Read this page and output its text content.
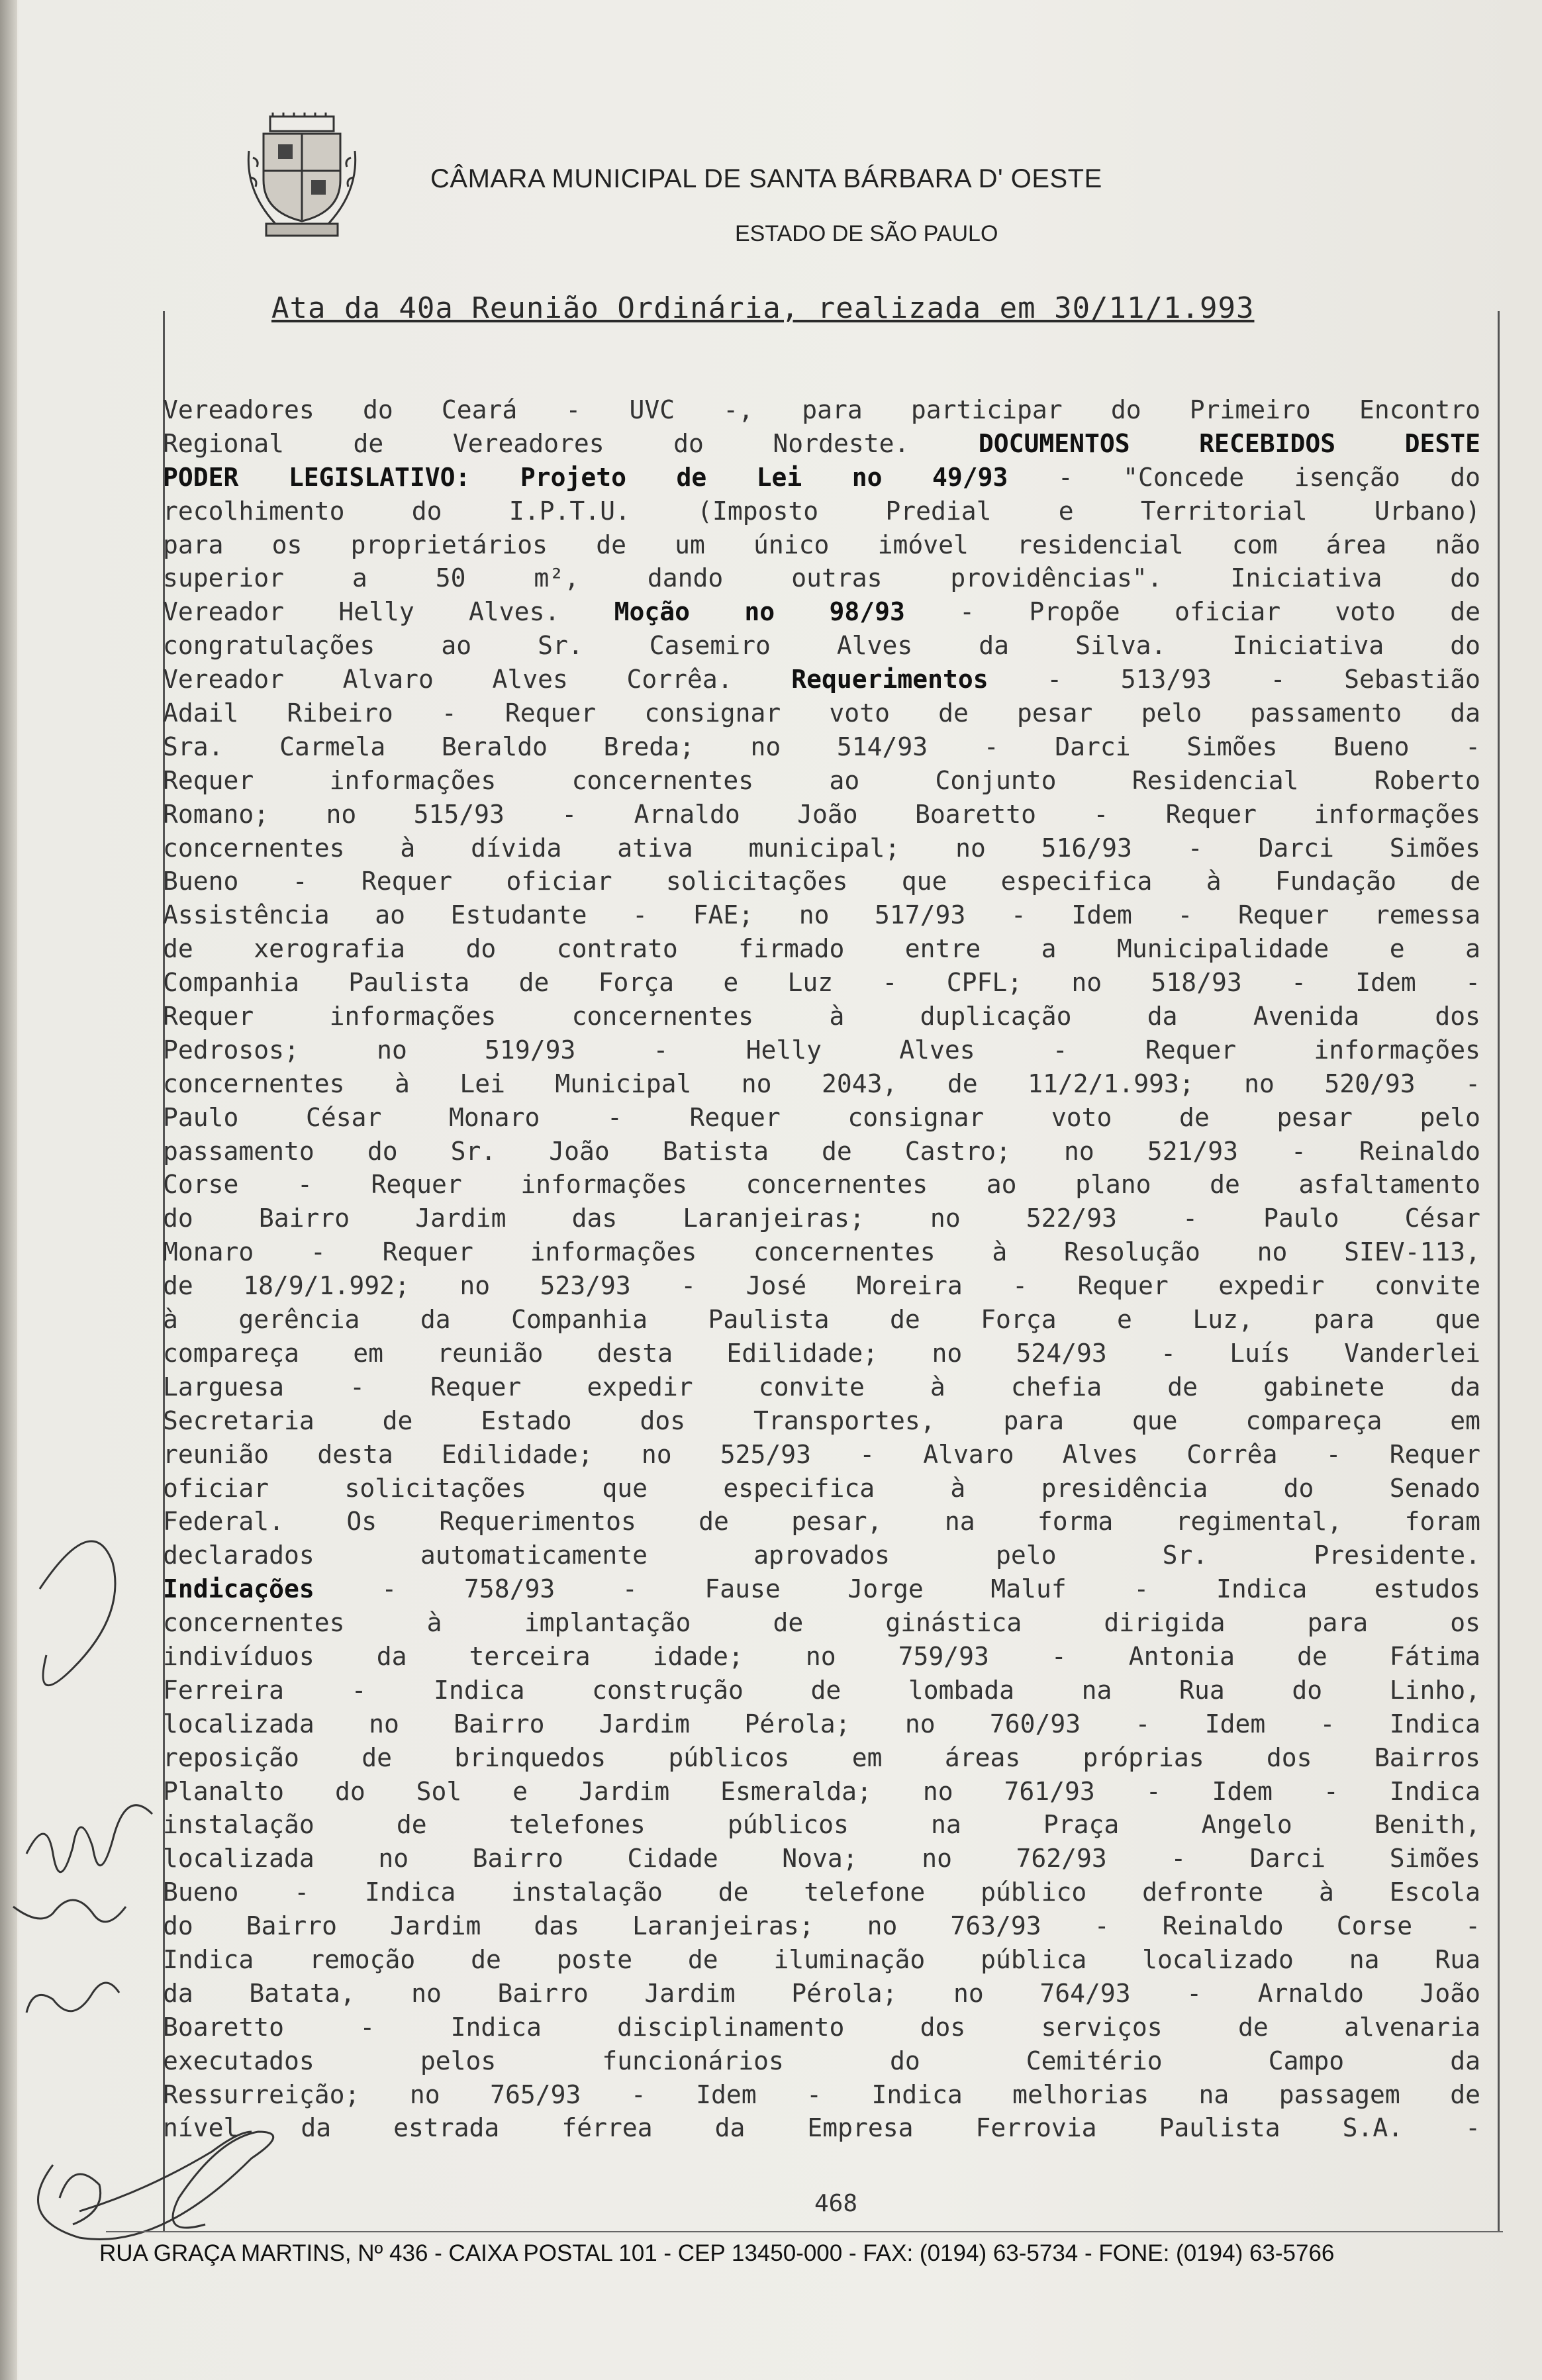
CÂMARA MUNICIPAL DE SANTA BÁRBARA D' OESTE
ESTADO DE SÃO PAULO
Ata da 40a Reunião Ordinária, realizada em 30/11/1.993
Vereadores do Ceará - UVC -, para participar do Primeiro Encontro
Regional de Vereadores do Nordeste. DOCUMENTOS RECEBIDOS DESTE
PODER LEGISLATIVO: Projeto de Lei no 49/93 - "Concede isenção do
recolhimento do I.P.T.U. (Imposto Predial e Territorial Urbano)
para os proprietários de um único imóvel residencial com área não
superior a 50 m², dando outras providências". Iniciativa do
Vereador Helly Alves. Moção no 98/93 - Propõe oficiar voto de
congratulações ao Sr. Casemiro Alves da Silva. Iniciativa do
Vereador Alvaro Alves Corrêa. Requerimentos - 513/93 - Sebastião
Adail Ribeiro - Requer consignar voto de pesar pelo passamento da
Sra. Carmela Beraldo Breda; no 514/93 - Darci Simões Bueno -
Requer informações concernentes ao Conjunto Residencial Roberto
Romano; no 515/93 - Arnaldo João Boaretto - Requer informações
concernentes à dívida ativa municipal; no 516/93 - Darci Simões
Bueno - Requer oficiar solicitações que especifica à Fundação de
Assistência ao Estudante - FAE; no 517/93 - Idem - Requer remessa
de xerografia do contrato firmado entre a Municipalidade e a
Companhia Paulista de Força e Luz - CPFL; no 518/93 - Idem -
Requer informações concernentes à duplicação da Avenida dos
Pedrosos; no 519/93 - Helly Alves - Requer informações
concernentes à Lei Municipal no 2043, de 11/2/1.993; no 520/93 -
Paulo César Monaro - Requer consignar voto de pesar pelo
passamento do Sr. João Batista de Castro; no 521/93 - Reinaldo
Corse - Requer informações concernentes ao plano de asfaltamento
do Bairro Jardim das Laranjeiras; no 522/93 - Paulo César
Monaro - Requer informações concernentes à Resolução no SIEV-113,
de 18/9/1.992; no 523/93 - José Moreira - Requer expedir convite
à gerência da Companhia Paulista de Força e Luz, para que
compareça em reunião desta Edilidade; no 524/93 - Luís Vanderlei
Larguesa - Requer expedir convite à chefia de gabinete da
Secretaria de Estado dos Transportes, para que compareça em
reunião desta Edilidade; no 525/93 - Alvaro Alves Corrêa - Requer
oficiar solicitações que especifica à presidência do Senado
Federal. Os Requerimentos de pesar, na forma regimental, foram
declarados automaticamente aprovados pelo Sr. Presidente.
Indicações - 758/93 - Fause Jorge Maluf - Indica estudos
concernentes à implantação de ginástica dirigida para os
indivíduos da terceira idade; no 759/93 - Antonia de Fátima
Ferreira - Indica construção de lombada na Rua do Linho,
localizada no Bairro Jardim Pérola; no 760/93 - Idem - Indica
reposição de brinquedos públicos em áreas próprias dos Bairros
Planalto do Sol e Jardim Esmeralda; no 761/93 - Idem - Indica
instalação de telefones públicos na Praça Angelo Benith,
localizada no Bairro Cidade Nova; no 762/93 - Darci Simões
Bueno - Indica instalação de telefone público defronte à Escola
do Bairro Jardim das Laranjeiras; no 763/93 - Reinaldo Corse -
Indica remoção de poste de iluminação pública localizado na Rua
da Batata, no Bairro Jardim Pérola; no 764/93 - Arnaldo João
Boaretto - Indica disciplinamento dos serviços de alvenaria
executados pelos funcionários do Cemitério Campo da
Ressurreição; no 765/93 - Idem - Indica melhorias na passagem de
nível da estrada férrea da Empresa Ferrovia Paulista S.A. -
468
RUA GRAÇA MARTINS, Nº 436 - CAIXA POSTAL 101 - CEP 13450-000 - FAX: (0194) 63-5734 - FONE: (0194) 63-5766
